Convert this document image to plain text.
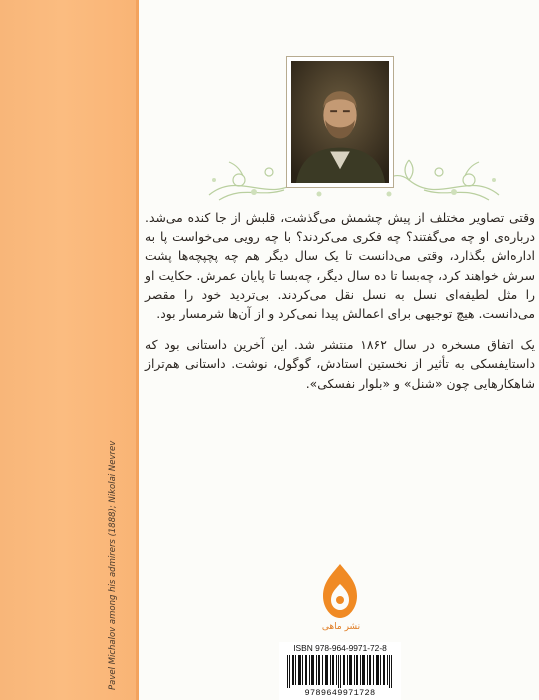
Pavel Michalov among his admirers (1888); Nikolai Nevrev
وقتی تصاویر مختلف از پیش چشمش می‌گذشت، قلبش از جا کنده می‌شد. درباره‌ی او چه می‌گفتند؟ چه فکری می‌کردند؟ با چه رویی می‌خواست پا به اداره‌اش بگذارد، وقتی می‌دانست تا یک سال دیگر هم چه پچپچه‌ها پشت سرش خواهند کرد، چه‌بسا تا ده سال دیگر، چه‌بسا تا پایان عمرش. حکایت او را مثل لطیفه‌ای نسل به نسل نقل می‌کردند. بی‌تردید خود را مقصر می‌دانست. هیچ توجیهی برای اعمالش پیدا نمی‌کرد و از آن‌ها شرمسار بود.
یک اتفاق مسخره در سال ۱۸۶۲ منتشر شد. این آخرین داستانی بود که داستایفسکی به تأثیر از نخستین استادش، گوگول، نوشت. داستانی هم‌تراز شاهکارهایی چون «شنل» و «بلوار نفسکی».
نشر ماهی
ISBN 978-964-9971-72-8
9789649971728
